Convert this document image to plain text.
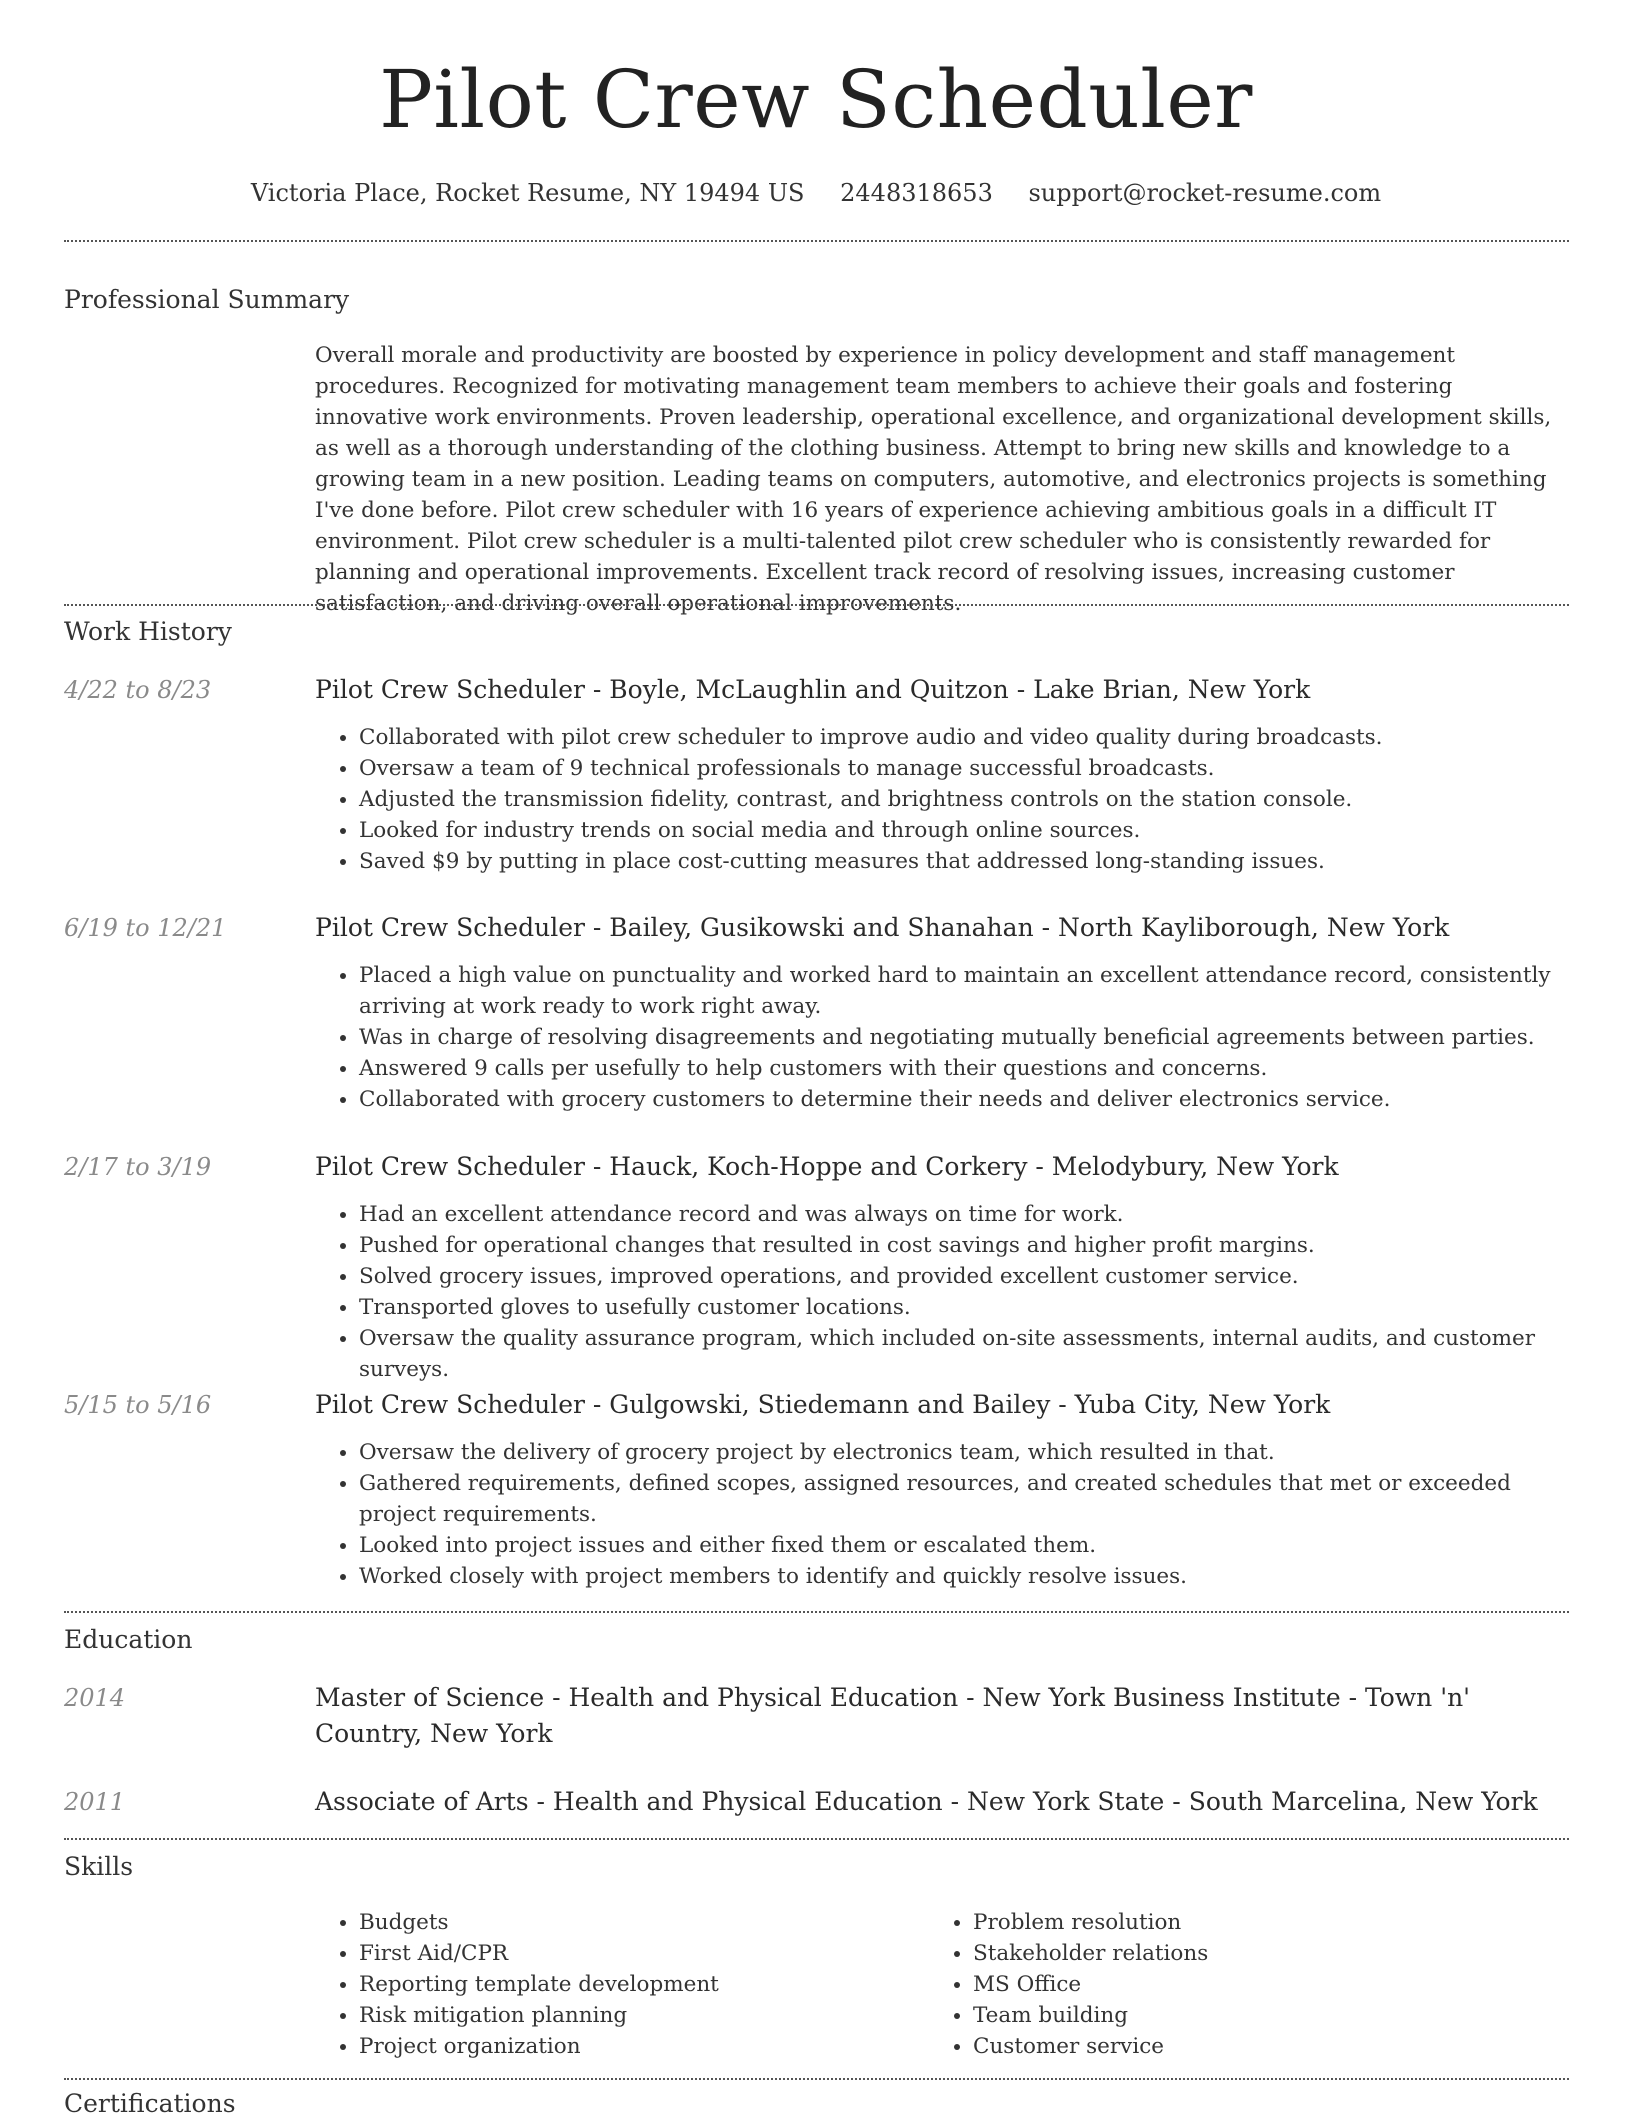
Pilot Crew Scheduler
Victoria Place, Rocket Resume, NY 19494 US 2448318653 support@rocket-resume.com
Professional Summary

Overall morale and productivity are boosted by experience in policy development and staff management procedures. Recognized for motivating management team members to achieve their goals and fostering innovative work environments. Proven leadership, operational excellence, and organizational development skills, as well as a thorough understanding of the clothing business. Attempt to bring new skills and knowledge to a growing team in a new position. Leading teams on computers, automotive, and electronics projects is something I've done before. Pilot crew scheduler with 16 years of experience achieving ambitious goals in a difficult IT environment. Pilot crew scheduler is a multi-talented pilot crew scheduler who is consistently rewarded for planning and operational improvements. Excellent track record of resolving issues, increasing customer satisfaction, and driving overall operational improvements.

Work History
4/22 to 8/23	Pilot Crew Scheduler - Boyle, McLaughlin and Quitzon - Lake Brian, New York

• Collaborated with pilot crew scheduler to improve audio and video quality during broadcasts.
• Oversaw a team of 9 technical professionals to manage successful broadcasts.
• Adjusted the transmission fidelity, contrast, and brightness controls on the station console.
• Looked for industry trends on social media and through online sources.
• Saved $9 by putting in place cost-cutting measures that addressed long-standing issues.
6/19 to 12/21	Pilot Crew Scheduler - Bailey, Gusikowski and Shanahan - North Kayliborough, New York

• Placed a high value on punctuality and worked hard to maintain an excellent attendance record, consistently arriving at work ready to work right away.
• Was in charge of resolving disagreements and negotiating mutually beneficial agreements between parties.
• Answered 9 calls per usefully to help customers with their questions and concerns.
• Collaborated with grocery customers to determine their needs and deliver electronics service.
2/17 to 3/19	Pilot Crew Scheduler - Hauck, Koch-Hoppe and Corkery - Melodybury, New York

• Had an excellent attendance record and was always on time for work.
• Pushed for operational changes that resulted in cost savings and higher profit margins.
• Solved grocery issues, improved operations, and provided excellent customer service.
• Transported gloves to usefully customer locations.
• Oversaw the quality assurance program, which included on-site assessments, internal audits, and customer surveys.
5/15 to 5/16	Pilot Crew Scheduler - Gulgowski, Stiedemann and Bailey - Yuba City, New York

• Oversaw the delivery of grocery project by electronics team, which resulted in that.
• Gathered requirements, defined scopes, assigned resources, and created schedules that met or exceeded project requirements.
• Looked into project issues and either fixed them or escalated them.
• Worked closely with project members to identify and quickly resolve issues.
Education
2014	Master of Science - Health and Physical Education - New York Business Institute - Town 'n' Country, New York

2011	Associate of Arts - Health and Physical Education - New York State - South Marcelina, New York

Skills
• Budgets
• First Aid/CPR
• Reporting template development
• Risk mitigation planning
• Project organization
• Problem resolution
• Stakeholder relations
• MS Office
• Team building
• Customer service
Certifications
